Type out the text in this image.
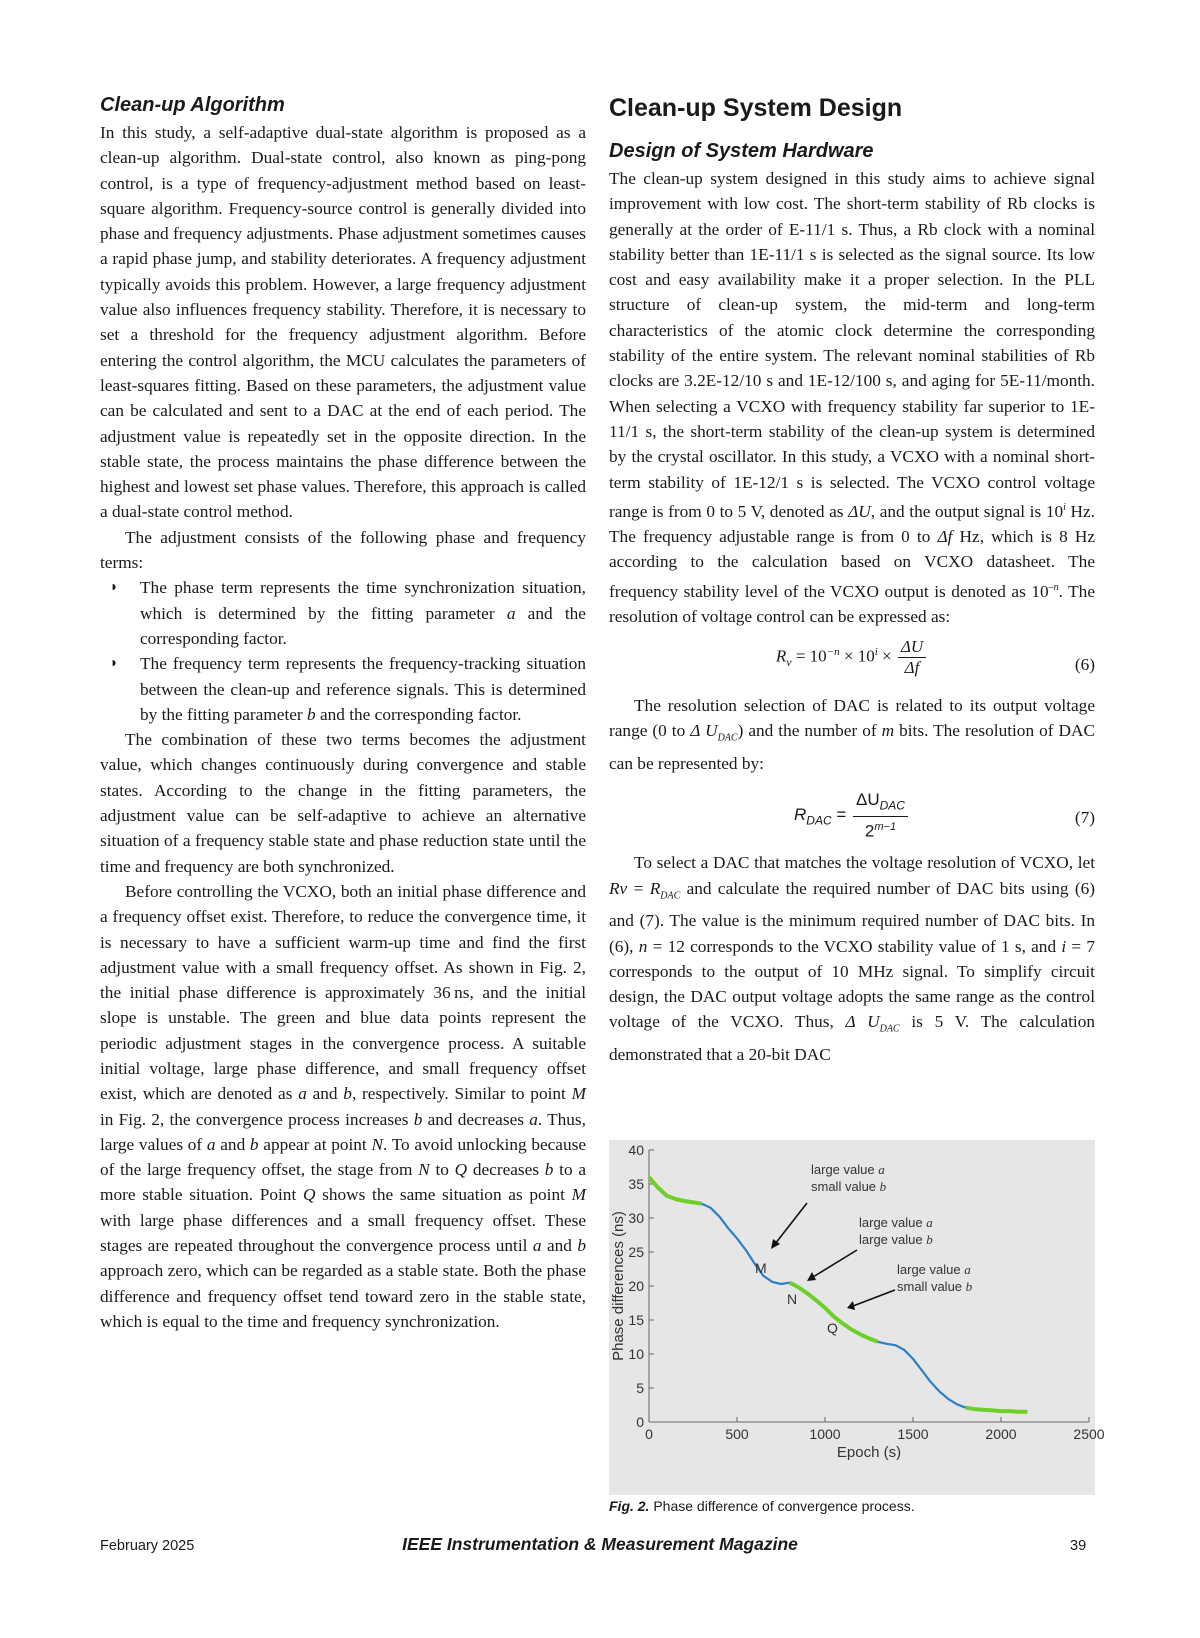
Clean-up Algorithm

In this study, a self-adaptive dual-state algorithm is proposed as a clean-up algorithm. Dual-state control, also known as ping-pong control, is a type of frequency-adjustment method based on least-square algorithm. Frequency-source control is generally divided into phase and frequency adjustments. Phase adjustment sometimes causes a rapid phase jump, and stability deteriorates. A frequency adjustment typically avoids this problem. However, a large frequency adjustment value also influences frequency stability. Therefore, it is necessary to set a threshold for the frequency adjustment algorithm. Before entering the control algorithm, the MCU calculates the parameters of least-squares fitting. Based on these parameters, the adjustment value can be calculated and sent to a DAC at the end of each period. The adjustment value is repeatedly set in the opposite direction. In the stable state, the process maintains the phase difference between the highest and lowest set phase values. Therefore, this approach is called a dual-state control method.

The adjustment consists of the following phase and frequency terms:

◗ The phase term represents the time synchronization situation, which is determined by the fitting parameter a and the corresponding factor.
◗ The frequency term represents the frequency-tracking situation between the clean-up and reference signals. This is determined by the fitting parameter b and the corresponding factor.

The combination of these two terms becomes the adjustment value, which changes continuously during convergence and stable states. According to the change in the fitting parameters, the adjustment value can be self-adaptive to achieve an alternative situation of a frequency stable state and phase reduction state until the time and frequency are both synchronized.

Before controlling the VCXO, both an initial phase difference and a frequency offset exist. Therefore, to reduce the convergence time, it is necessary to have a sufficient warm-up time and find the first adjustment value with a small frequency offset. As shown in Fig. 2, the initial phase difference is approximately 36 ns, and the initial slope is unstable. The green and blue data points represent the periodic adjustment stages in the convergence process. A suitable initial voltage, large phase difference, and small frequency offset exist, which are denoted as a and b, respectively. Similar to point M in Fig. 2, the convergence process increases b and decreases a. Thus, large values of a and b appear at point N. To avoid unlocking because of the large frequency offset, the stage from N to Q decreases b to a more stable situation. Point Q shows the same situation as point M with large phase differences and a small frequency offset. These stages are repeated throughout the convergence process until a and b approach zero, which can be regarded as a stable state. Both the phase difference and frequency offset tend toward zero in the stable state, which is equal to the time and frequency synchronization.

Clean-up System Design
Design of System Hardware

The clean-up system designed in this study aims to achieve signal improvement with low cost. The short-term stability of Rb clocks is generally at the order of E-11/1 s. Thus, a Rb clock with a nominal stability better than 1E-11/1 s is selected as the signal source. Its low cost and easy availability make it a proper selection. In the PLL structure of clean-up system, the mid-term and long-term characteristics of the atomic clock determine the corresponding stability of the entire system. The relevant nominal stabilities of Rb clocks are 3.2E-12/10 s and 1E-12/100 s, and aging for 5E-11/month. When selecting a VCXO with frequency stability far superior to 1E-11/1 s, the short-term stability of the clean-up system is determined by the crystal oscillator. In this study, a VCXO with a nominal short-term stability of 1E-12/1 s is selected. The VCXO control voltage range is from 0 to 5 V, denoted as ΔU, and the output signal is 10$^i$ Hz. The frequency adjustable range is from 0 to Δf Hz, which is 8 Hz according to the calculation based on VCXO datasheet. The frequency stability level of the VCXO output is denoted as $10^{-n}$. The resolution of voltage control can be expressed as:

$R_v = 10^{-n} \times 10^i \times \frac{\Delta U}{\Delta f}$	(6)

The resolution selection of DAC is related to its output voltage range (0 to Δ $U_{DAC}$) and the number of m bits. The resolution of DAC can be represented by:

$R_{DAC} = \frac{\Delta U_{DAC}}{2^{m-1}}$	(7)

To select a DAC that matches the voltage resolution of VCXO, let $Rv = R_{DAC}$ and calculate the required number of DAC bits using (6) and (7). The value is the minimum required number of DAC bits. In (6), n = 12 corresponds to the VCXO stability value of 1 s, and i = 7 corresponds to the output of 10 MHz signal. To simplify circuit design, the DAC output voltage adopts the same range as the control voltage of the VCXO. Thus, Δ $U_{DAC}$ is 5 V. The calculation demonstrated that a 20-bit DAC

0
5
10
15
20
25
30
35
40
0	500	1000	1500	2000	2500
Epoch (s)
Phase differences (ns)
large value a
small value b
large value a
large value b
large value a
small value b
M
N
Q
Fig. 2. Phase difference of convergence process.
February 2025	IEEE Instrumentation & Measurement Magazine	39
